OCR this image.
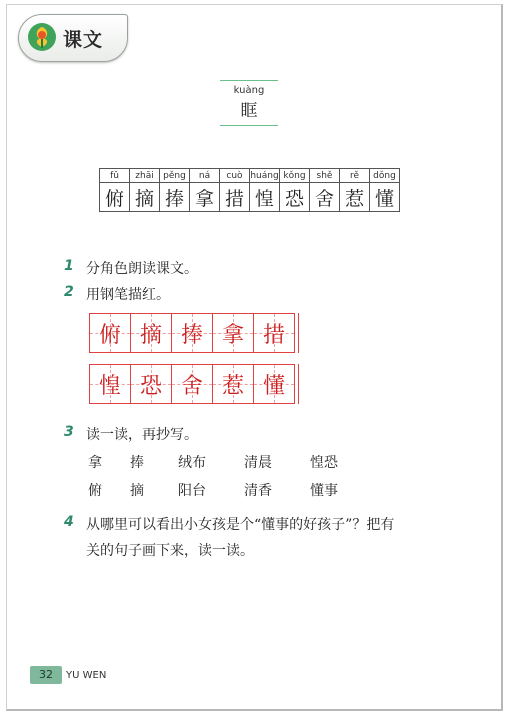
课文
kuàng
眶
fǔ	zhāi	pěng	ná	cuò	huáng	kǒng	shě	rě	dǒng
俯	摘	捧	拿	措	惶	恐	舍	惹	懂
1 分角色朗读课文。
2 用钢笔描红。
俯 摘 捧 拿 措
惶 恐 舍 惹 懂
3 读一读，再抄写。
拿 捧 绒布	清晨	惶恐
俯 摘 阳台	清香	懂事
4 从哪里可以看出小女孩是个“懂事的好孩子”？把有
关的句子画下来，读一读。
32	YU WEN
